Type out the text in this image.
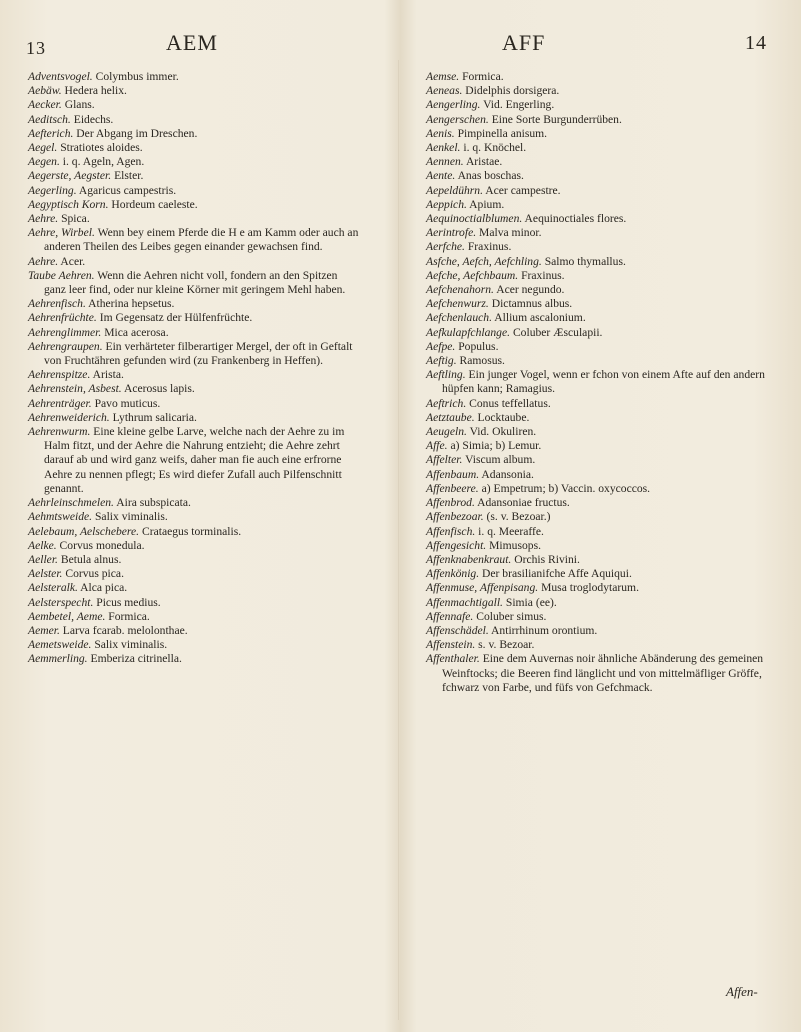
13	AEM	AFF	14

Adventsvogel. Colymbus immer.

Aebäw. Hedera helix.

Aecker. Glans.

Aeditsch. Eidechs.

Aefterich. Der Abgang im Dreschen.

Aegel. Stratiotes aloides.

Aegen. i. q. Ageln, Agen.

Aegerste, Aegster. Elster.

Aegerling. Agaricus campestris.

Aegyptisch Korn. Hordeum caeleste.

Aehre. Spica.

Aehre, Wirbel. Wenn bey einem Pferde die H e am Kamm oder auch an anderen Theilen des Leibes gegen einander gewachsen find.

Aehre. Acer.

Taube Aehren. Wenn die Aehren nicht voll, fondern an den Spitzen ganz leer find, oder nur kleine Körner mit geringem Mehl haben.

Aehrenfisch. Atherina hepsetus.

Aehrenfrüchte. Im Gegensatz der Hülfenfrüchte.

Aehrenglimmer. Mica acerosa.

Aehrengraupen. Ein verhärteter filberartiger Mergel, der oft in Geftalt von Fruchtähren gefunden wird (zu Frankenberg in Heffen).

Aehrenspitze. Arista.

Aehrenstein, Asbest. Acerosus lapis.

Aehrenträger. Pavo muticus.

Aehrenweiderich. Lythrum salicaria.

Aehrenwurm. Eine kleine gelbe Larve, welche nach der Aehre zu im Halm fitzt, und der Aehre die Nahrung entzieht; die Aehre zehrt darauf ab und wird ganz weifs, daher man fie auch eine erfrorne Aehre zu nennen pflegt; Es wird diefer Zufall auch Pilfenschnitt genannt.

Aehrleinschmelen. Aira subspicata.

Aehmtsweide. Salix viminalis.

Aelebaum, Aelschebere. Crataegus torminalis.

Aelke. Corvus monedula.

Aeller. Betula alnus.

Aelster. Corvus pica.

Aelsteralk. Alca pica.

Aelsterspecht. Picus medius.

Aembetel, Aeme. Formica.

Aemer. Larva fcarab. melolonthae.

Aemetsweide. Salix viminalis.

Aemmerling. Emberiza citrinella.

Aemse. Formica.

Aeneas. Didelphis dorsigera.

Aengerling. Vid. Engerling.

Aengerschen. Eine Sorte Burgunderrüben.

Aenis. Pimpinella anisum.

Aenkel. i. q. Knöchel.

Aennen. Aristae.

Aente. Anas boschas.

Aepeldührn. Acer campestre.

Aeppich. Apium.

Aequinoctialblumen. Aequinoctiales flores.

Aerintrofe. Malva minor.

Aerfche. Fraxinus.

Asfche, Aefch, Aefchling. Salmo thymallus.

Aefche, Aefchbaum. Fraxinus.

Aefchenahorn. Acer negundo.

Aefchenwurz. Dictamnus albus.

Aefchenlauch. Allium ascalonium.

Aefkulapfchlange. Coluber Æsculapii.

Aefpe. Populus.

Aeftig. Ramosus.

Aeftling. Ein junger Vogel, wenn er fchon von einem Afte auf den andern hüpfen kann; Ramagius.

Aeftrich. Conus teffellatus.

Aetztaube. Locktaube.

Aeugeln. Vid. Okuliren.

Affe. a) Simia; b) Lemur.

Affelter. Viscum album.

Affenbaum. Adansonia.

Affenbeere. a) Empetrum; b) Vaccin. oxycoccos.

Affenbrod. Adansoniae fructus.

Affenbezoar. (s. v. Bezoar.)

Affenfisch. i. q. Meeraffe.

Affengesicht. Mimusops.

Affenknabenkraut. Orchis Rivini.

Affenkönig. Der brasilianifche Affe Aquiqui.

Affenmuse, Affenpisang. Musa troglodytarum.

Affenmachtigall. Simia (ee).

Affennafe. Coluber simus.

Affenschädel. Antirrhinum orontium.

Affenstein. s. v. Bezoar.

Affenthaler. Eine dem Auvernas noir ähnliche Abänderung des gemeinen Weinftocks; die Beeren find länglicht und von mittelmäfliger Gröffe, fchwarz von Farbe, und füfs von Gefchmack.

Affen-
